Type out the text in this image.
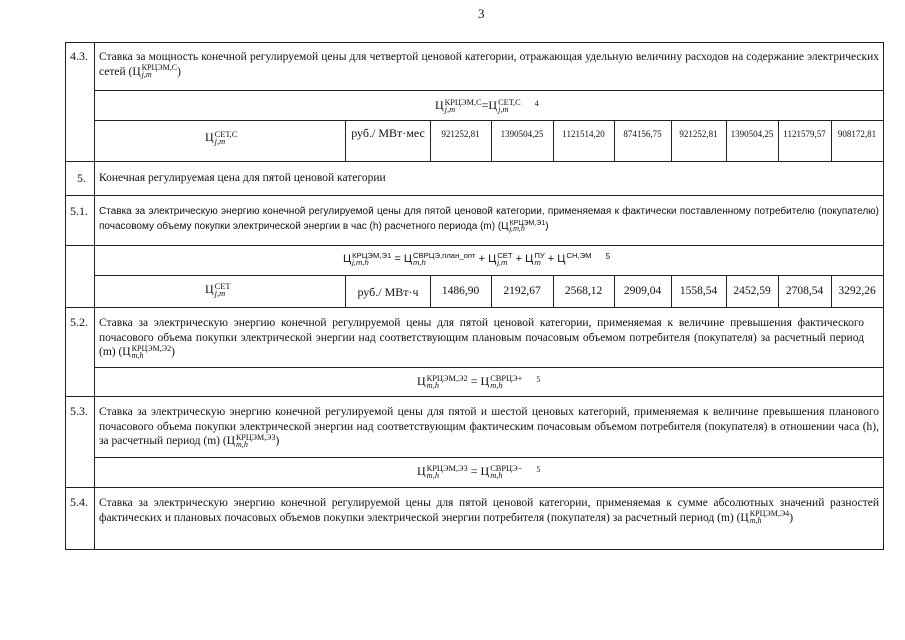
3
4.3. Ставка за мощность конечной регулируемой цены для четвертой ценовой категории, отражающая удельную величину расходов на содержание электрических сетей (Ц КРЦЭМ,С
j,m	)
Ц КРЦЭМ,С
j,m	=Ц СЕТ,С
j,m
$^4$
Ц СЕТ,С
j,m
руб./ МВт·мес	921252,81	1390504,25	1121514,20	874156,75	921252,81	1390504,25	1121579,57	908172,81
5. Конечная регулируемая цена для пятой ценовой категории
5.1. Ставка за электрическую энергию конечной регулируемой цены для пятой ценовой категории, применяемая к фактически поставленному потребителю (покупателю) почасовому объему покупки электрической энергии в час (h) расчетного периода (m) (Ц КРЦЭМ,Э1
j,m,h	)
Ц КРЦЭМ,Э1
j,m,h	= Ц СВРЦЭ,план_опт
m,h	+ Ц СЕТ
j,m + Ц ПУ
m + Ц СН,ЭМ
$^5$
Ц СЕТ
j,m	руб./ МВт·ч	1486,90	2192,67	2568,12	2909,04	1558,54	2452,59	2708,54	3292,26
5.2. Ставка за электрическую энергию конечной регулируемой цены для пятой ценовой категории, применяемая к величине превышения фактического почасового объема покупки электрической энергии над соответствующим плановым почасовым объемом потребителя (покупателя) за расчетный период (m) (Ц КРЦЭМ,Э2
m,h	)
Ц КРЦЭМ,Э2
m,h	= Ц СВРЦЭ+
m,h
$^5$
5.3. Ставка за электрическую энергию конечной регулируемой цены для пятой и шестой ценовых категорий, применяемая к величине превышения планового почасового объема покупки электрической энергии над соответствующим фактическим почасовым объемом потребителя (покупателя) в отношении часа (h), за расчетный период (m) (Ц КРЦЭМ,Э3
m,h	)
Ц КРЦЭМ,Э3
m,h	= Ц СВРЦЭ−
m,h
$^5$
5.4. Ставка за электрическую энергию конечной регулируемой цены для пятой ценовой категории, применяемая к сумме абсолютных значений разностей фактических и плановых почасовых объемов покупки электрической энергии потребителя (покупателя) за расчетный период (m) (Ц КРЦЭМ,Э4
m,h	)
